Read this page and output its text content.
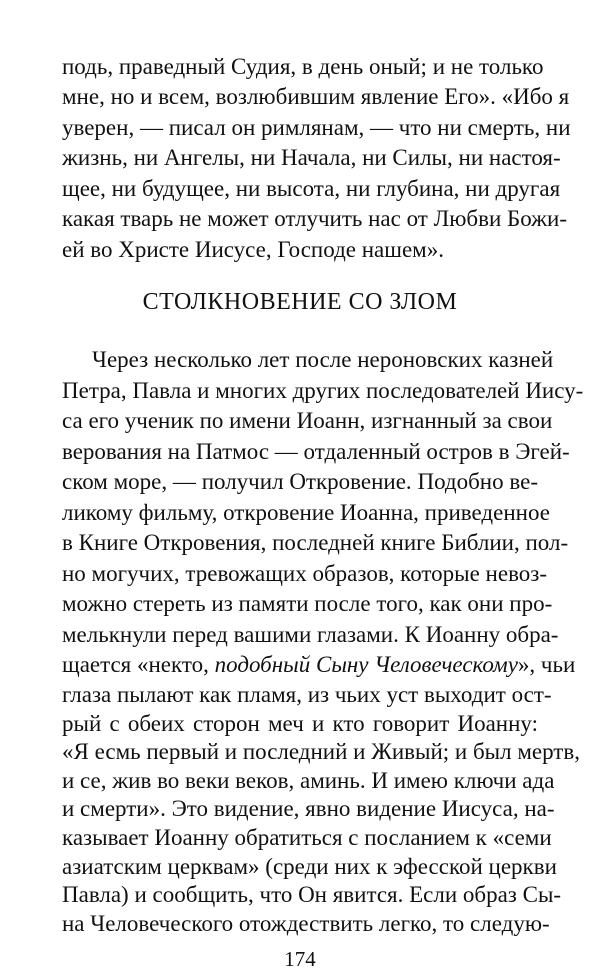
подь, праведный Судия, в день оный; и не только
мне, но и всем, возлюбившим явление Его». «Ибо я
уверен, — писал он римлянам, — что ни смерть, ни
жизнь, ни Ангелы, ни Начала, ни Силы, ни настоя-
щее, ни будущее, ни высота, ни глубина, ни другая
какая тварь не может отлучить нас от Любви Божи-
ей во Христе Иисусе, Господе нашем».
СТОЛКНОВЕНИЕ СО ЗЛОМ
Через несколько лет после нероновских казней
Петра, Павла и многих других последователей Иису-
са его ученик по имени Иоанн, изгнанный за свои
верования на Патмос — отдаленный остров в Эгей-
ском море, — получил Откровение. Подобно ве-
ликому фильму, откровение Иоанна, приведенное
в Книге Откровения, последней книге Библии, пол-
но могучих, тревожащих образов, которые невоз-
можно стереть из памяти после того, как они про-
мелькнули перед вашими глазами. К Иоанну обра-
щается «некто, подобный Сыну Человеческому», чьи
глаза пылают как пламя, из чьих уст выходит ост-
рый с обеих сторон меч и кто говорит Иоанну:
«Я есмь первый и последний и Живый; и был мертв,
и се, жив во веки веков, аминь. И имею ключи ада
и смерти». Это видение, явно видение Иисуса, на-
казывает Иоанну обратиться с посланием к «семи
азиатским церквам» (среди них к эфесской церкви
174
Павла) и сообщить, что Он явится. Если образ Сы-
на Человеческого отождествить легко, то следую-
